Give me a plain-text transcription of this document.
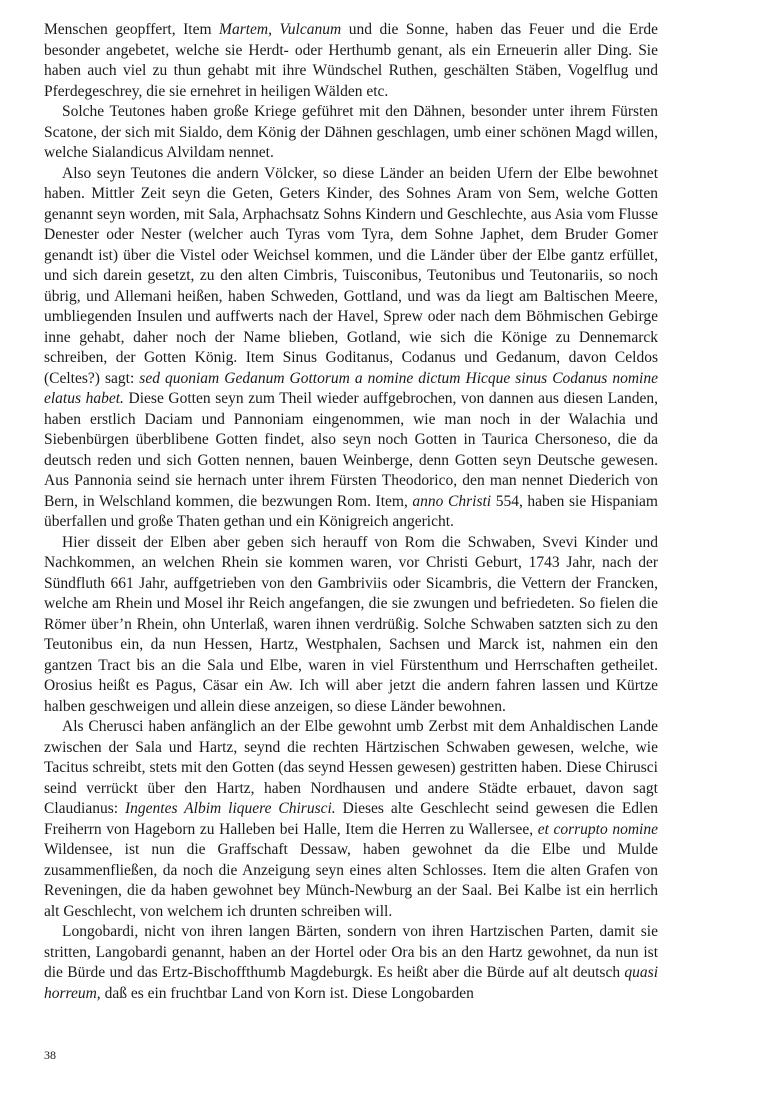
Menschen geopffert, Item Martem, Vulcanum und die Sonne, haben das Feuer und die Erde besonder angebetet, welche sie Herdt- oder Herthumb genant, als ein Erneuerin aller Ding. Sie haben auch viel zu thun gehabt mit ihre Wündschel Ruthen, geschälten Stäben, Vogelflug und Pferdegeschrey, die sie ernehret in heiligen Wälden etc.

Solche Teutones haben große Kriege geführet mit den Dähnen, besonder unter ihrem Fürsten Scatone, der sich mit Sialdo, dem König der Dähnen geschlagen, umb einer schönen Magd willen, welche Sialandicus Alvildam nennet.

Also seyn Teutones die andern Völcker, so diese Länder an beiden Ufern der Elbe bewohnet haben. Mittler Zeit seyn die Geten, Geters Kinder, des Sohnes Aram von Sem, welche Gotten genannt seyn worden, mit Sala, Arphachsatz Sohns Kindern und Geschlechte, aus Asia vom Flusse Denester oder Nester (welcher auch Tyras vom Tyra, dem Sohne Japhet, dem Bruder Gomer genandt ist) über die Vistel oder Weichsel kommen, und die Länder über der Elbe gantz erfüllet, und sich darein gesetzt, zu den alten Cimbris, Tuisconibus, Teutonibus und Teutonariis, so noch übrig, und Allemani heißen, haben Schweden, Gottland, und was da liegt am Baltischen Meere, umbliegenden Insulen und auffwerts nach der Havel, Sprew oder nach dem Böhmischen Gebirge inne gehabt, daher noch der Name blieben, Gotland, wie sich die Könige zu Dennemarck schreiben, der Gotten König. Item Sinus Goditanus, Codanus und Gedanum, davon Celdos (Celtes?) sagt: sed quoniam Gedanum Gottorum a nomine dictum Hicque sinus Codanus nomine elatus habet. Diese Gotten seyn zum Theil wieder auffgebrochen, von dannen aus diesen Landen, haben erstlich Daciam und Pannoniam eingenommen, wie man noch in der Walachia und Siebenbürgen überblibene Gotten findet, also seyn noch Gotten in Taurica Chersoneso, die da deutsch reden und sich Gotten nennen, bauen Weinberge, denn Gotten seyn Deutsche gewesen. Aus Pannonia seind sie hernach unter ihrem Fürsten Theodorico, den man nennet Diederich von Bern, in Welschland kommen, die bezwungen Rom. Item, anno Christi 554, haben sie Hispaniam überfallen und große Thaten gethan und ein Königreich angericht.

Hier disseit der Elben aber geben sich herauff von Rom die Schwaben, Svevi Kinder und Nachkommen, an welchen Rhein sie kommen waren, vor Christi Geburt, 1743 Jahr, nach der Sündfluth 661 Jahr, auffgetrieben von den Gambriviis oder Sicambris, die Vettern der Francken, welche am Rhein und Mosel ihr Reich angefangen, die sie zwungen und befriedeten. So fielen die Römer über’n Rhein, ohn Unterlaß, waren ihnen verdrüßig. Solche Schwaben satzten sich zu den Teutonibus ein, da nun Hessen, Hartz, Westphalen, Sachsen und Marck ist, nahmen ein den gantzen Tract bis an die Sala und Elbe, waren in viel Fürstenthum und Herrschaften getheilet. Orosius heißt es Pagus, Cäsar ein Aw. Ich will aber jetzt die andern fahren lassen und Kürtze halben geschweigen und allein diese anzeigen, so diese Länder bewohnen.

Als Cherusci haben anfänglich an der Elbe gewohnt umb Zerbst mit dem Anhaldischen Lande zwischen der Sala und Hartz, seynd die rechten Härtzischen Schwaben gewesen, welche, wie Tacitus schreibt, stets mit den Gotten (das seynd Hessen gewesen) gestritten haben. Diese Chirusci seind verrückt über den Hartz, haben Nordhausen und andere Städte erbauet, davon sagt Claudianus: Ingentes Albim liquere Chirusci. Dieses alte Geschlecht seind gewesen die Edlen Freiherrn von Hageborn zu Halleben bei Halle, Item die Herren zu Wallersee, et corrupto nomine Wildensee, ist nun die Graffschaft Dessaw, haben gewohnet da die Elbe und Mulde zusammenfließen, da noch die Anzeigung seyn eines alten Schlosses. Item die alten Grafen von Reveningen, die da haben gewohnet bey Münch-Newburg an der Saal. Bei Kalbe ist ein herrlich alt Geschlecht, von welchem ich drunten schreiben will.

Longobardi, nicht von ihren langen Bärten, sondern von ihren Hartzischen Parten, damit sie stritten, Langobardi genannt, haben an der Hortel oder Ora bis an den Hartz gewohnet, da nun ist die Bürde und das Ertz-Bischoffthumb Magdeburgk. Es heißt aber die Bürde auf alt deutsch quasi horreum, daß es ein fruchtbar Land von Korn ist. Diese Longobarden

38
